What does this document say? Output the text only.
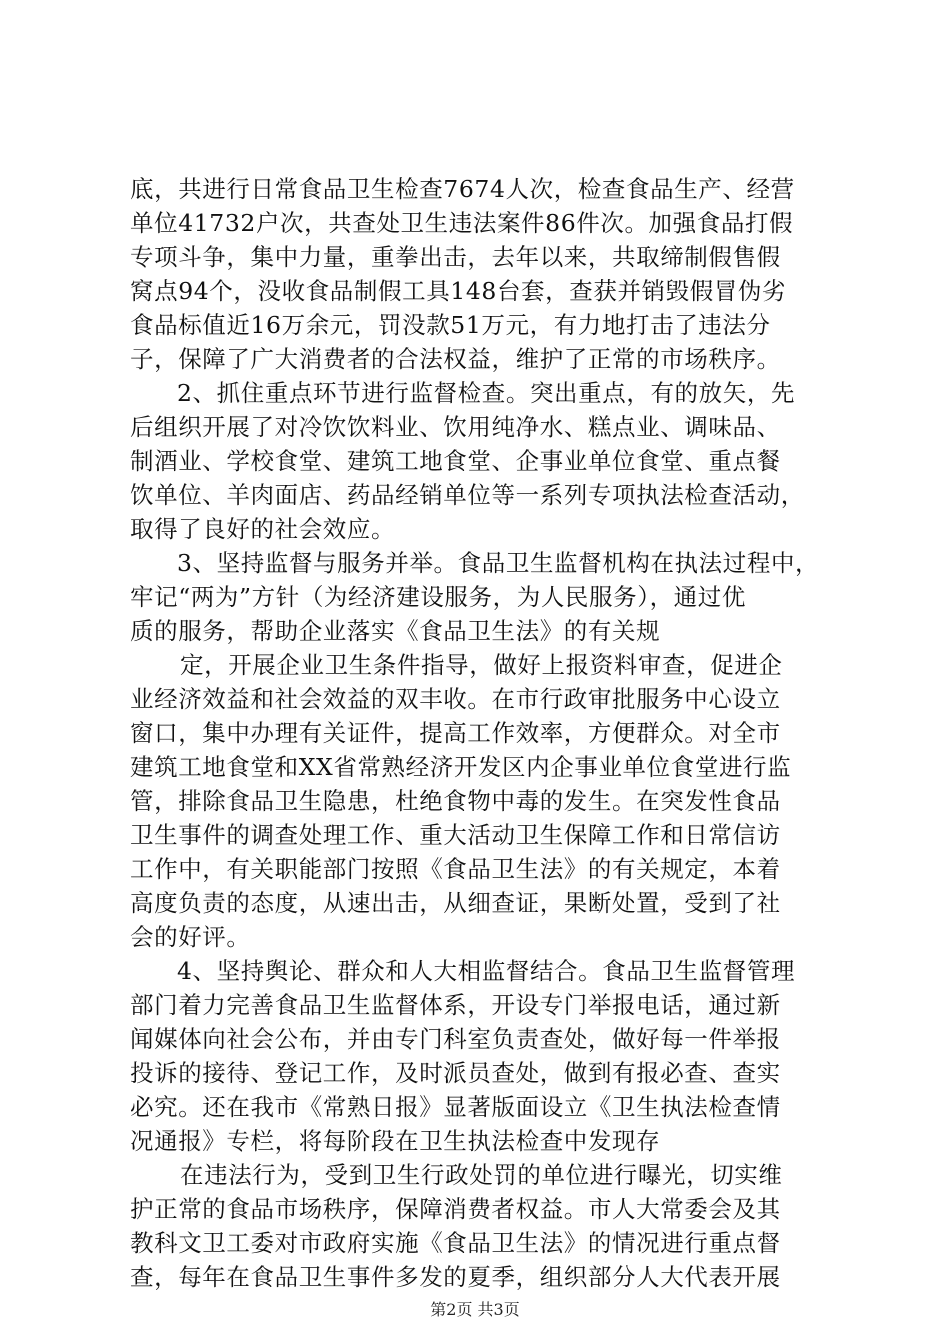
底，共进行日常食品卫生检查7674人次，检查食品生产、经营
单位41732户次，共查处卫生违法案件86件次。加强食品打假
专项斗争，集中力量，重拳出击，去年以来，共取缔制假售假
窝点94个，没收食品制假工具148台套，查获并销毁假冒伪劣
食品标值近16万余元，罚没款51万元，有力地打击了违法分
子，保障了广大消费者的合法权益，维护了正常的市场秩序。
2、抓住重点环节进行监督检查。突出重点，有的放矢，先
后组织开展了对冷饮饮料业、饮用纯净水、糕点业、调味品、
制酒业、学校食堂、建筑工地食堂、企事业单位食堂、重点餐
饮单位、羊肉面店、药品经销单位等一系列专项执法检查活动，
取得了良好的社会效应。
3、坚持监督与服务并举。食品卫生监督机构在执法过程中，
牢记“两为”方针（为经济建设服务，为人民服务），通过优
质的服务，帮助企业落实《食品卫生法》的有关规
定，开展企业卫生条件指导，做好上报资料审查，促进企
业经济效益和社会效益的双丰收。在市行政审批服务中心设立
窗口，集中办理有关证件，提高工作效率，方便群众。对全市
建筑工地食堂和XX省常熟经济开发区内企事业单位食堂进行监
管，排除食品卫生隐患，杜绝食物中毒的发生。在突发性食品
卫生事件的调查处理工作、重大活动卫生保障工作和日常信访
工作中，有关职能部门按照《食品卫生法》的有关规定，本着
高度负责的态度，从速出击，从细查证，果断处置，受到了社
会的好评。
4、坚持舆论、群众和人大相监督结合。食品卫生监督管理
部门着力完善食品卫生监督体系，开设专门举报电话，通过新
闻媒体向社会公布，并由专门科室负责查处，做好每一件举报
投诉的接待、登记工作，及时派员查处，做到有报必查、查实
必究。还在我市《常熟日报》显著版面设立《卫生执法检查情
况通报》专栏，将每阶段在卫生执法检查中发现存
在违法行为，受到卫生行政处罚的单位进行曝光，切实维
护正常的食品市场秩序，保障消费者权益。市人大常委会及其
教科文卫工委对市政府实施《食品卫生法》的情况进行重点督
查，每年在食品卫生事件多发的夏季，组织部分人大代表开展
第2页 共3页
